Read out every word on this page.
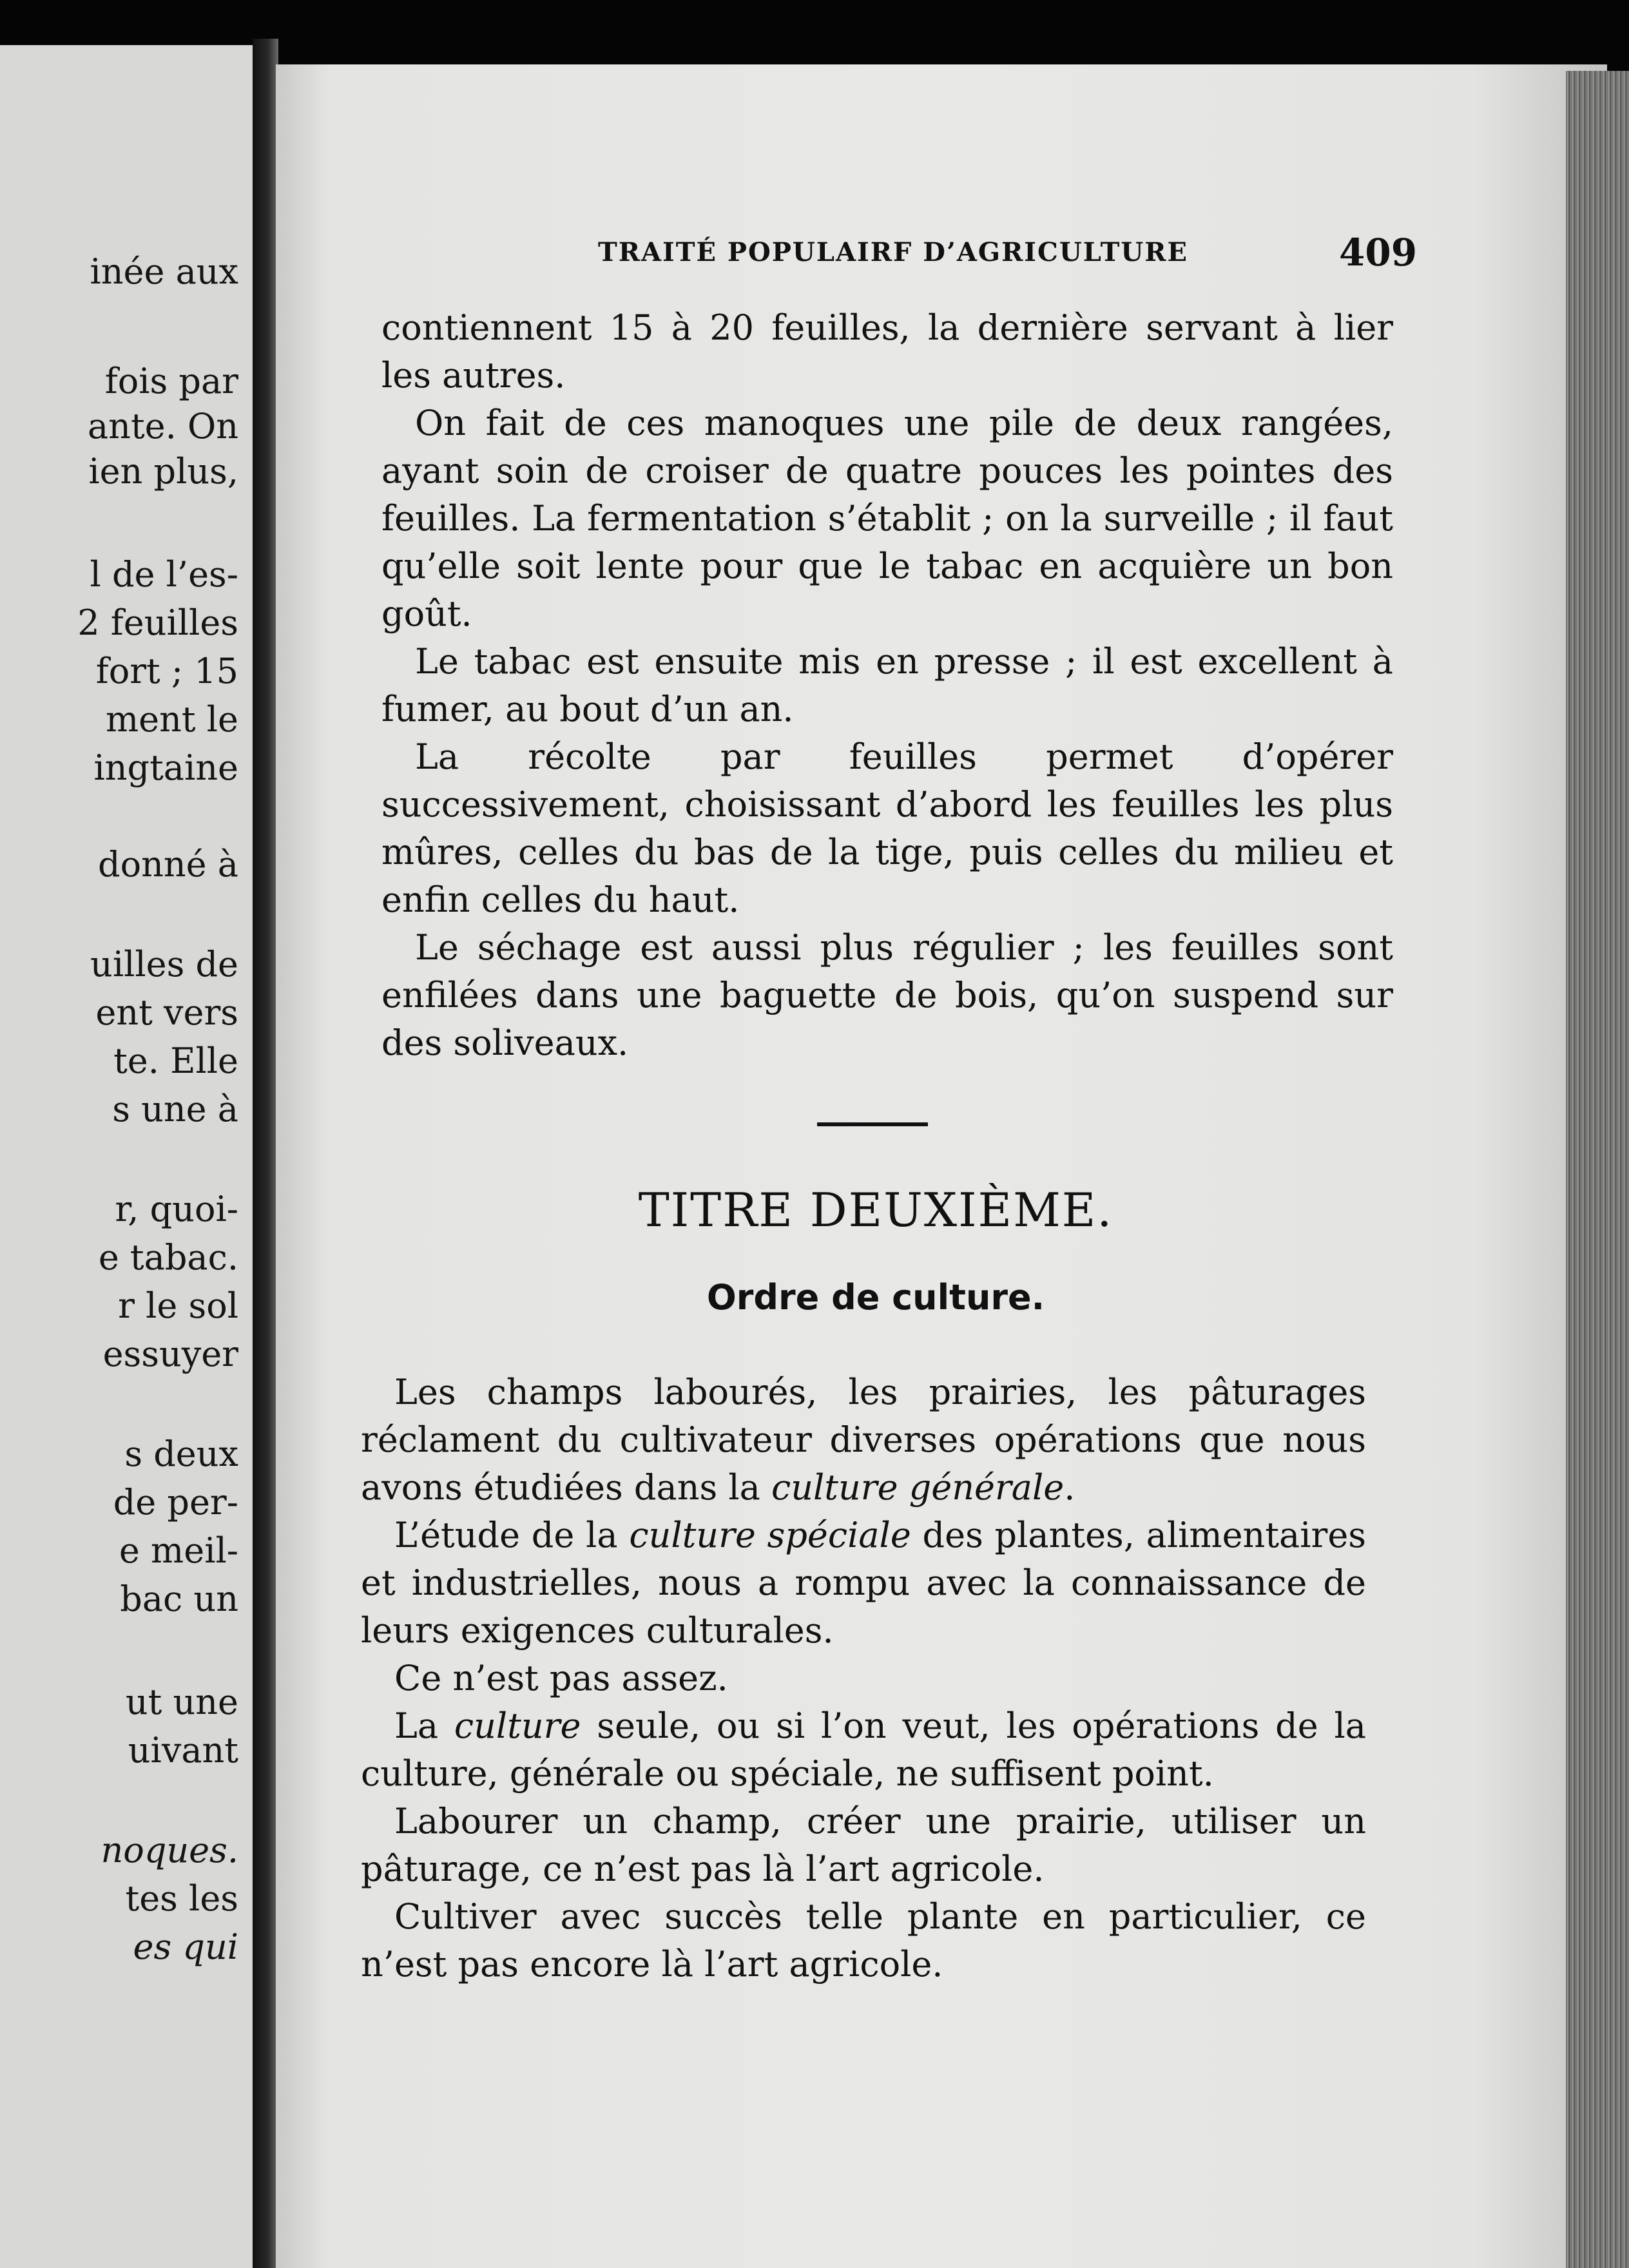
inée aux
fois par
ante. On
ien plus,
l de l’es-
2 feuilles
fort ; 15
ment le
ingtaine
donné à
uilles de
ent vers
te. Elle
s une à
r, quoi-
e tabac.
r le sol
essuyer
s deux
de per-
e meil-
bac un
ut une
uivant
noques.
tes les
es qui
TRAITÉ POPULAIRF D’AGRICULTURE	409

contiennent 15 à 20 feuilles, la dernière servant à lier les autres.

On fait de ces manoques une pile de deux rangées, ayant soin de croiser de quatre pouces les pointes des feuilles. La fermentation s’établit ; on la surveille ; il faut qu’elle soit lente pour que le tabac en acquière un bon goût.

Le tabac est ensuite mis en presse ; il est excellent à fumer, au bout d’un an.

La récolte par feuilles permet d’opérer successivement, choisissant d’abord les feuilles les plus mûres, celles du bas de la tige, puis celles du milieu et enfin celles du haut.

Le séchage est aussi plus régulier ; les feuilles sont enfilées dans une baguette de bois, qu’on suspend sur des soliveaux.

TITRE DEUXIÈME.
Ordre de culture.

Les champs labourés, les prairies, les pâturages réclament du cultivateur diverses opérations que nous avons étudiées dans la culture générale.

L’étude de la culture spéciale des plantes, alimentaires et industrielles, nous a rompu avec la connaissance de leurs exigences culturales.

Ce n’est pas assez.

La culture seule, ou si l’on veut, les opérations de la culture, générale ou spéciale, ne suffisent point.

Labourer un champ, créer une prairie, utiliser un pâturage, ce n’est pas là l’art agricole.

Cultiver avec succès telle plante en particulier, ce n’est pas encore là l’art agricole.
